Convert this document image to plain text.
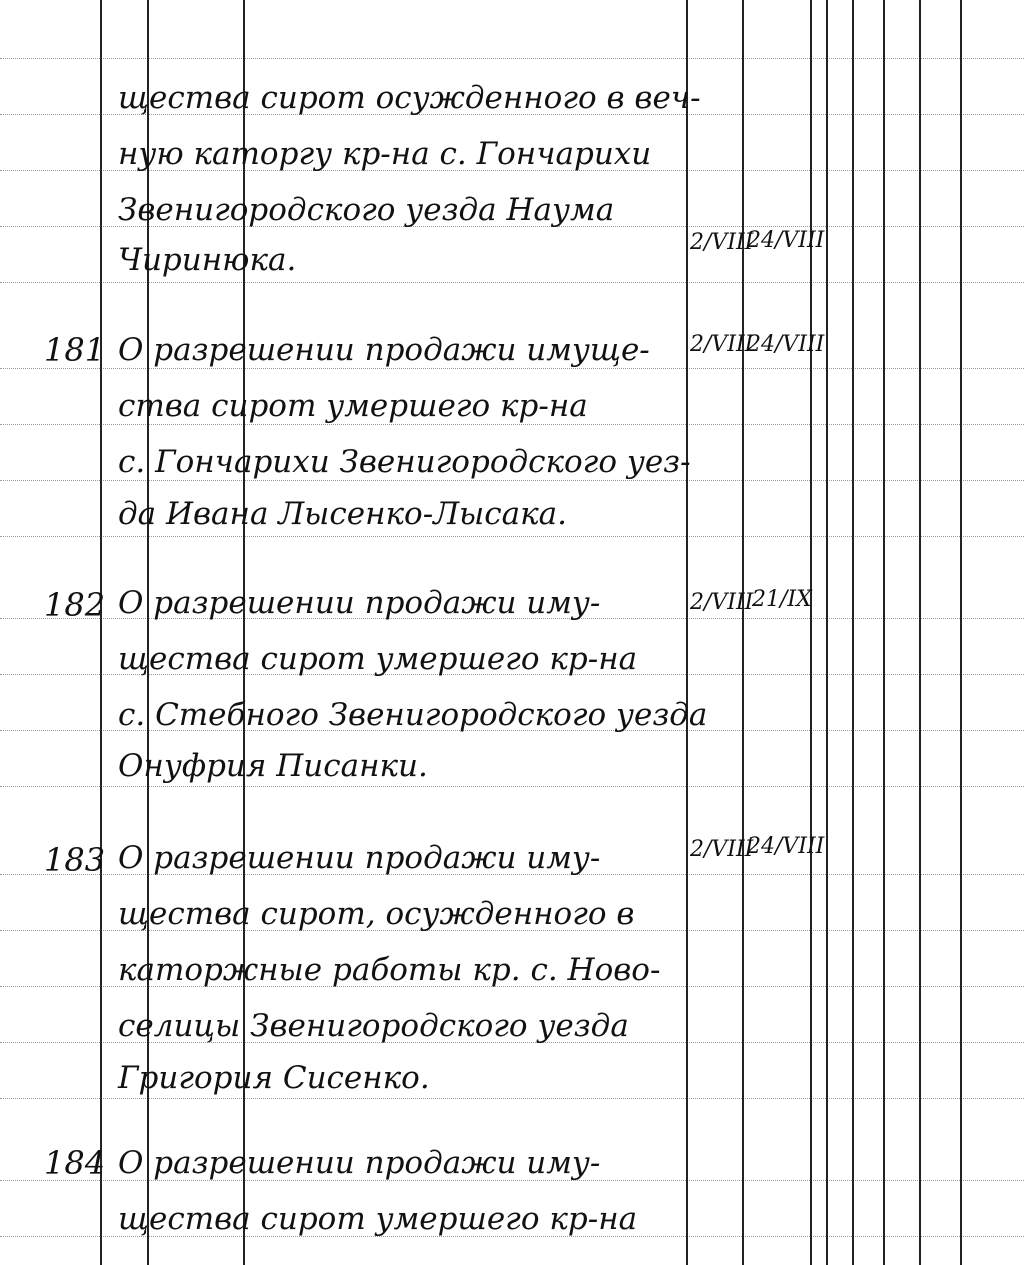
щества сирот осужденного в веч-
ную каторгу кр-на с. Гончарихи
Звенигородского уезда Наума
Чиринюка.	2/VIII
24/VIII
181 О разрешении продажи имуще-
ства сирот умершего кр-на
с. Гончарихи Звенигородского уез-
да Ивана Лысенко-Лысака.
2/VIII
24/VIII
182 О разрешении продажи иму-
щества сирот умершего кр-на
с. Стебного Звенигородского уезда
Онуфрия Писанки.
2/VIII
21/IX
183 О разрешении продажи иму-
щества сирот, осужденного в
каторжные работы кр. с. Ново-
селицы Звенигородского уезда
Григория Сисенко.
2/VIII
24/VIII
184 О разрешении продажи иму-
щества сирот умершего кр-на
